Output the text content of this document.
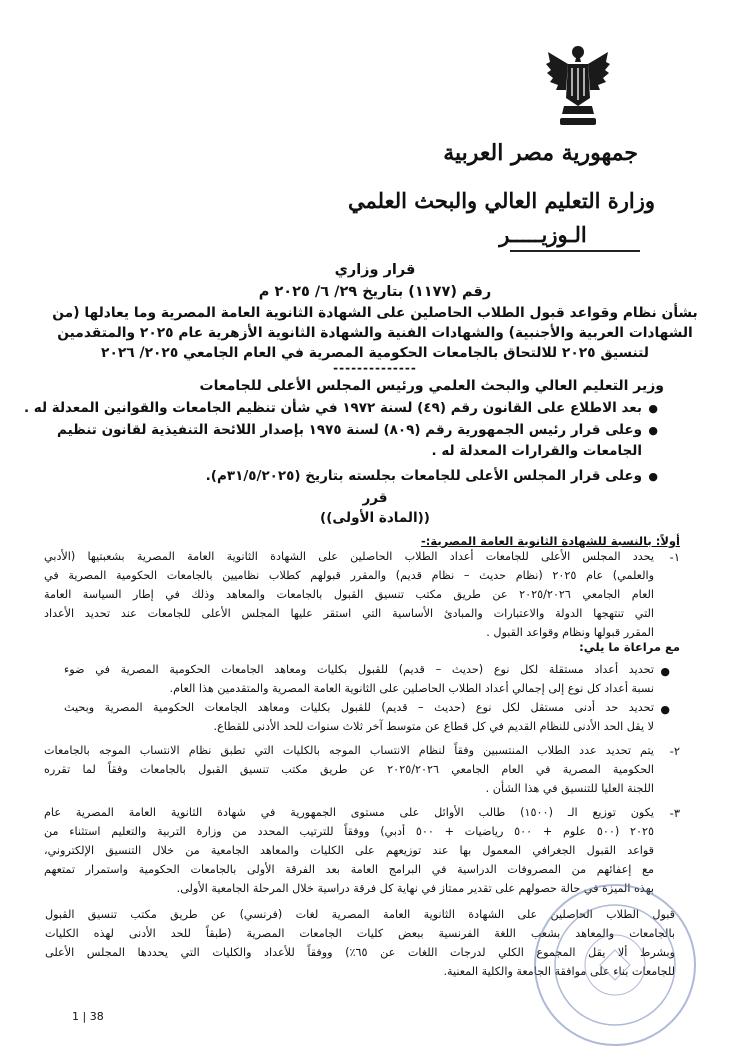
جمهورية مصر العربية
وزارة التعليم العالي والبحث العلمي
الـوزيـــــر
قرار وزاري
رقم (١١٧٧) بتاريخ ٢٩/ ٦/ ٢٠٢٥ م
بشأن نظام وقواعد قبول الطلاب الحاصلين على الشهادة الثانوية العامة المصرية وما يعادلها (من
الشهادات العربية والأجنبية) والشهادات الفنية والشهادة الثانوية الأزهرية عام ٢٠٢٥ والمتقدمين
لتنسيق ٢٠٢٥ للالتحاق بالجامعات الحكومية المصرية في العام الجامعي ٢٠٢٥/ ٢٠٢٦
--------------
وزير التعليم العالي والبحث العلمي ورئيس المجلس الأعلى للجامعات
●
بعد الاطلاع على القانون رقم (٤٩) لسنة ١٩٧٢ في شأن تنظيم الجامعات والقوانين المعدلة له .
●
وعلى قرار رئيس الجمهورية رقم (٨٠٩) لسنة ١٩٧٥ بإصدار اللائحة التنفيذية لقانون تنظيم
الجامعات والقرارات المعدلة له .
●
وعلى قرار المجلس الأعلى للجامعات بجلسته بتاريخ (٣١/٥/٢٠٢٥م).
قرر
((المادة الأولى))
أولاً: بالنسبة للشهادة الثانوية العامة المصرية:-
١-
يحدد المجلس الأعلى للجامعات أعداد الطلاب الحاصلين على الشهادة الثانوية العامة المصرية بشعبتيها (الأدبي
والعلمي) عام ٢٠٢٥ (نظام حديث – نظام قديم) والمقرر قبولهم كطلاب نظاميين بالجامعات الحكومية المصرية في
العام الجامعي ٢٠٢٥/٢٠٢٦ عن طريق مكتب تنسيق القبول بالجامعات والمعاهد وذلك في إطار السياسة العامة
التي تنتهجها الدولة والاعتبارات والمبادئ الأساسية التي استقر عليها المجلس الأعلى للجامعات عند تحديد الأعداد
المقرر قبولها ونظام وقواعد القبول .
مع مراعاة ما يلي:
●
تحديد أعداد مستقلة لكل نوع (حديث – قديم) للقبول بكليات ومعاهد الجامعات الحكومية المصرية في ضوء
نسبة أعداد كل نوع إلى إجمالي أعداد الطلاب الحاصلين على الثانوية العامة المصرية والمتقدمين هذا العام.
●
تحديد حد أدنى مستقل لكل نوع (حديث – قديم) للقبول بكليات ومعاهد الجامعات الحكومية المصرية وبحيث
لا يقل الحد الأدنى للنظام القديم في كل قطاع عن متوسط آخر ثلاث سنوات للحد الأدنى للقطاع.
٢-
يتم تحديد عدد الطلاب المنتسبين وفقاً لنظام الانتساب الموجه بالكليات التي تطبق نظام الانتساب الموجه بالجامعات
الحكومية المصرية في العام الجامعي ٢٠٢٥/٢٠٢٦ عن طريق مكتب تنسيق القبول بالجامعات وفقاً لما تقرره
اللجنة العليا للتنسيق في هذا الشأن .
٣-
يكون توزيع الـ (١٥٠٠) طالب الأوائل على مستوى الجمهورية في شهادة الثانوية العامة المصرية عام
٢٠٢٥ (٥٠٠ علوم + ٥٠٠ رياضيات + ٥٠٠ أدبي) ووفقاً للترتيب المحدد من وزارة التربية والتعليم استثناء من
قواعد القبول الجغرافي المعمول بها عند توزيعهم على الكليات والمعاهد الجامعية من خلال التنسيق الإلكتروني،
مع إعفائهم من المصروفات الدراسية في البرامج العامة بعد الفرقة الأولى بالجامعات الحكومية واستمرار تمتعهم
بهذه الميزة في حالة حصولهم على تقدير ممتاز في نهاية كل فرقة دراسية خلال المرحلة الجامعية الأولى.
قبول الطلاب الحاصلين على الشهادة الثانوية العامة المصرية لغات (فرنسي) عن طريق مكتب تنسيق القبول
بالجامعات والمعاهد بشعب اللغة الفرنسية ببعض كليات الجامعات المصرية (طبقاً للحد الأدنى لهذه الكليات
وبشرط ألا يقل المجموع الكلي لدرجات اللغات عن ٦٥٪) ووفقاً للأعداد والكليات التي يحددها المجلس الأعلى
للجامعات بناء على موافقة الجامعة والكلية المعنية.
1 | 38
